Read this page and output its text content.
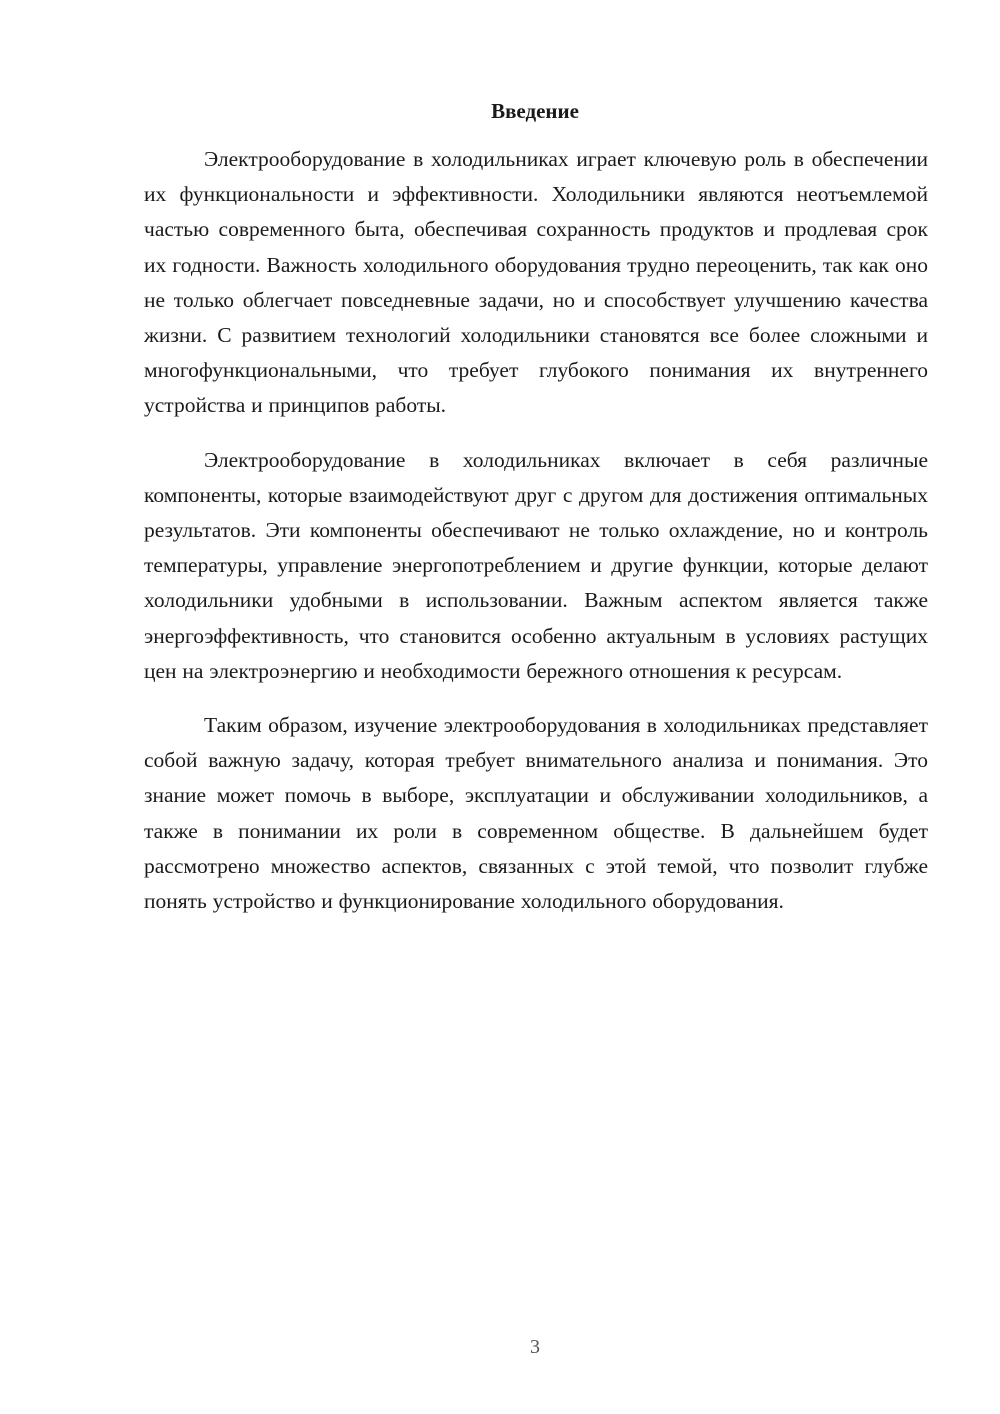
Введение

Электрооборудование в холодильниках играет ключевую роль в обеспечении их функциональности и эффективности. Холодильники являются неотъемлемой частью современного быта, обеспечивая сохранность продуктов и продлевая срок их годности. Важность холодильного оборудования трудно переоценить, так как оно не только облегчает повседневные задачи, но и способствует улучшению качества жизни. С развитием технологий холодильники становятся все более сложными и многофункциональными, что требует глубокого понимания их внутреннего устройства и принципов работы.

Электрооборудование в холодильниках включает в себя различные компоненты, которые взаимодействуют друг с другом для достижения оптимальных результатов. Эти компоненты обеспечивают не только охлаждение, но и контроль температуры, управление энергопотреблением и другие функции, которые делают холодильники удобными в использовании. Важным аспектом является также энергоэффективность, что становится особенно актуальным в условиях растущих цен на электроэнергию и необходимости бережного отношения к ресурсам.

Таким образом, изучение электрооборудования в холодильниках представляет собой важную задачу, которая требует внимательного анализа и понимания. Это знание может помочь в выборе, эксплуатации и обслуживании холодильников, а также в понимании их роли в современном обществе. В дальнейшем будет рассмотрено множество аспектов, связанных с этой темой, что позволит глубже понять устройство и функционирование холодильного оборудования.

3
